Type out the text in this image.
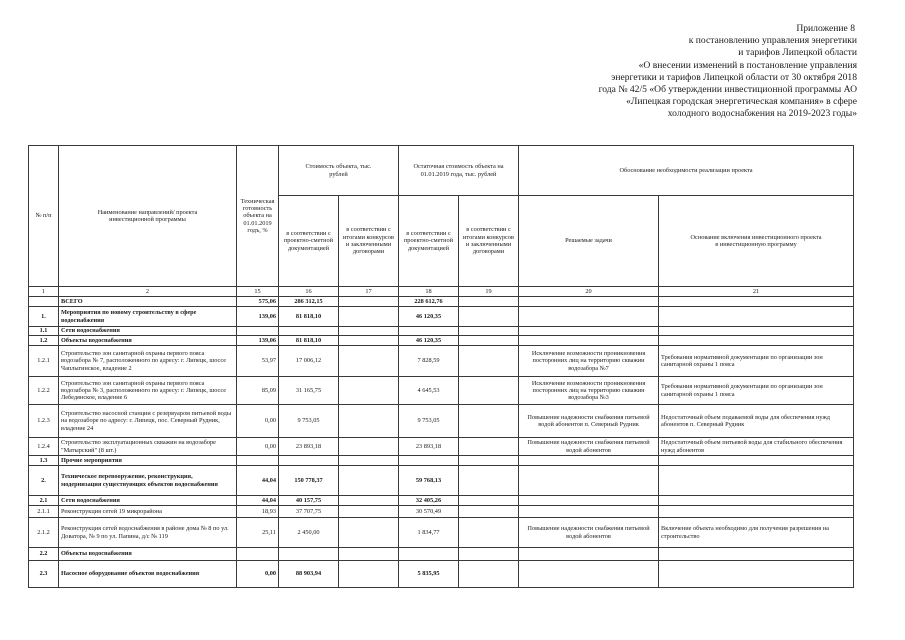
Приложение 8
к постановлению управления энергетики
и тарифов Липецкой области
«О внесении изменений в постановление управления
энергетики и тарифов Липецкой области от 30 октября 2018
года № 42/5 «Об утверждении инвестиционной программы АО
«Липецкая городская энергетическая компания» в сфере
холодного водоснабжения на 2019-2023 годы»
№ п/п	Наименование направлений/ проекта инвестиционной программы	Техническая готовность объекта на 01.01.2019 годъ, %	Стоимость объекта, тыс. рублей		Остаточная стоимость объекта на 01.01.2019 года, тыс. рублей		Обоснование необходимости реализации проекта	
			в соответствии с проектно-сметной документацией	в соответствии с итогами конкурсов и заключенными договорами	в соответствии с проектно-сметной документацией	в соответствии с итогами конкурсов и заключенными договорами	Решаемые задачи	Основание включения инвестиционного проекта в инвестиционную программу
1	2	15	16	17	18	19	20	21
	ВСЕГО	575,06	286 312,15		228 612,76			
1.	Мероприятия по новому строительству в сфере водоснабжения	139,06	81 818,10		46 120,35			
1.1	Сети водоснабжения							
1.2	Объекты водоснабжения	139,06	81 818,10		46 120,35			
1.2.1	Строительство зон санитарной охраны первого пояса водозабора № 7, расположенного по адресу: г. Липецк, шоссе Чаплыгинское, владение 2	53,97	17 006,12		7 828,59		Исключение возможности проникновения посторонних лиц на территорию скважин водозабора №7	Требования нормативной документации по организации зон санитарной охраны 1 пояса
1.2.2	Строительство зон санитарной охраны первого пояса водозабора № 3, расположенного по адресу: г. Липецк, шоссе Лебедянское, владение 6	85,09	31 165,75		4 645,53		Исключение возможности проникновения посторонних лиц на территорию скважин водозабора №3	Требования нормативной документации по организации зон санитарной охраны 1 пояса
1.2.3	Строительство насосной станции с резервуаром питьевой воды на водозаборе по адресу: г. Липецк, пос. Северный Рудник, владение 24	0,00	9 753,05		9 753,05		Повышение надежности снабжения питьевой водой абонентов п. Северный Рудник	Недостаточный объем подаваемой воды для обеспечения нужд абонентов п. Северный Рудник
1.2.4	Строительство эксплуатационных скважин на водозаборе "Матырский" (8 шт.)	0,00	23 893,18		23 893,18		Повышение надежности снабжения питьевой водой абонентов	Недостаточный объем питьевой воды для стабильного обеспечения нужд абонентов
1.3	Прочие мероприятия							
2.	Техническое перевооружение, реконструкция, модернизация существующих объектов водоснабжения	44,04	150 778,37		59 768,13			
2.1	Сети водоснабжения	44,04	40 157,75		32 405,26			
2.1.1	Реконструкция сетей 19 микрорайона	18,93	37 707,75		30 570,49			
2.1.2	Реконструкция сетей водоснабжения в районе дома № 8 по ул. Доватора, № 9 по ул. Папина, д/с № 119	25,11	2 450,00		1 834,77		Повышение надежности снабжения питьевой водой абонентов	Включение объекта необходимо для получения разрешения на строительство
2.2	Объекты водоснабжения							
2.3	Насосное оборудование объектов водоснабжения	0,00	88 903,94		5 835,95			
